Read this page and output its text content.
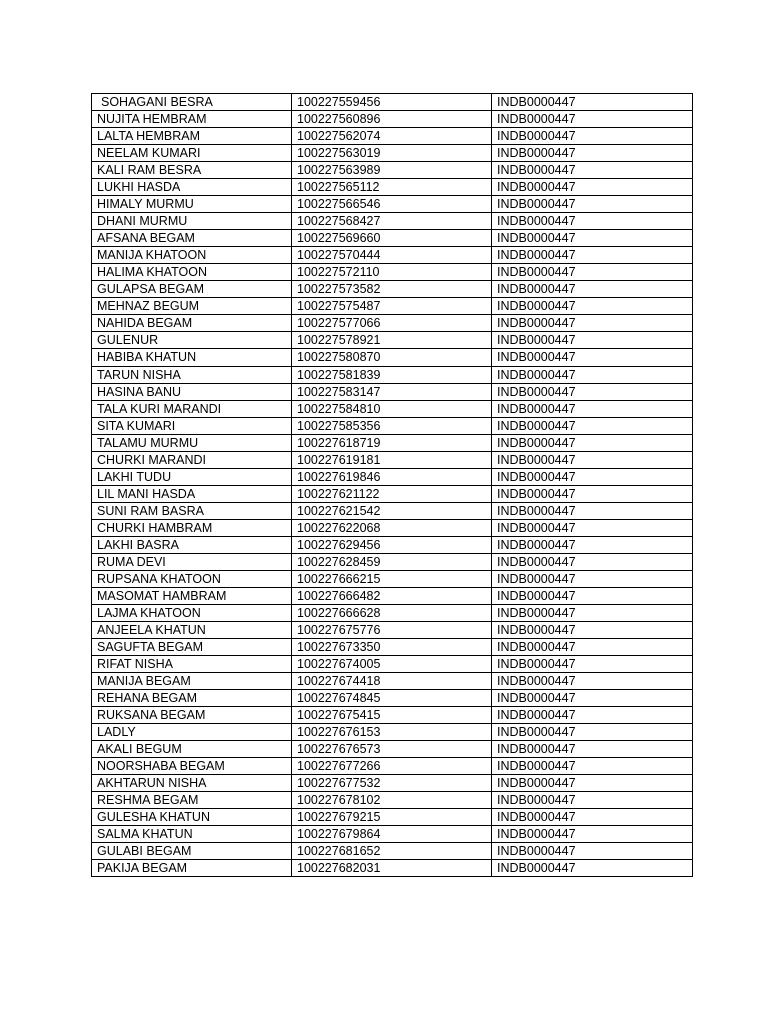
SOHAGANI BESRA	100227559456	INDB0000447
NUJITA HEMBRAM	100227560896	INDB0000447
LALTA HEMBRAM	100227562074	INDB0000447
NEELAM KUMARI	100227563019	INDB0000447
KALI RAM BESRA	100227563989	INDB0000447
LUKHI HASDA	100227565112	INDB0000447
HIMALY MURMU	100227566546	INDB0000447
DHANI MURMU	100227568427	INDB0000447
AFSANA BEGAM	100227569660	INDB0000447
MANIJA KHATOON	100227570444	INDB0000447
HALIMA KHATOON	100227572110	INDB0000447
GULAPSA BEGAM	100227573582	INDB0000447
MEHNAZ BEGUM	100227575487	INDB0000447
NAHIDA BEGAM	100227577066	INDB0000447
GULENUR	100227578921	INDB0000447
HABIBA KHATUN	100227580870	INDB0000447
TARUN NISHA	100227581839	INDB0000447
HASINA BANU	100227583147	INDB0000447
TALA KURI MARANDI	100227584810	INDB0000447
SITA KUMARI	100227585356	INDB0000447
TALAMU MURMU	100227618719	INDB0000447
CHURKI MARANDI	100227619181	INDB0000447
LAKHI TUDU	100227619846	INDB0000447
LIL MANI HASDA	100227621122	INDB0000447
SUNI RAM BASRA	100227621542	INDB0000447
CHURKI HAMBRAM	100227622068	INDB0000447
LAKHI BASRA	100227629456	INDB0000447
RUMA DEVI	100227628459	INDB0000447
RUPSANA KHATOON	100227666215	INDB0000447
MASOMAT HAMBRAM	100227666482	INDB0000447
LAJMA KHATOON	100227666628	INDB0000447
ANJEELA KHATUN	100227675776	INDB0000447
SAGUFTA BEGAM	100227673350	INDB0000447
RIFAT NISHA	100227674005	INDB0000447
MANIJA BEGAM	100227674418	INDB0000447
REHANA BEGAM	100227674845	INDB0000447
RUKSANA BEGAM	100227675415	INDB0000447
LADLY	100227676153	INDB0000447
AKALI BEGUM	100227676573	INDB0000447
NOORSHABA BEGAM	100227677266	INDB0000447
AKHTARUN NISHA	100227677532	INDB0000447
RESHMA BEGAM	100227678102	INDB0000447
GULESHA KHATUN	100227679215	INDB0000447
SALMA KHATUN	100227679864	INDB0000447
GULABI BEGAM	100227681652	INDB0000447
PAKIJA BEGAM	100227682031	INDB0000447
